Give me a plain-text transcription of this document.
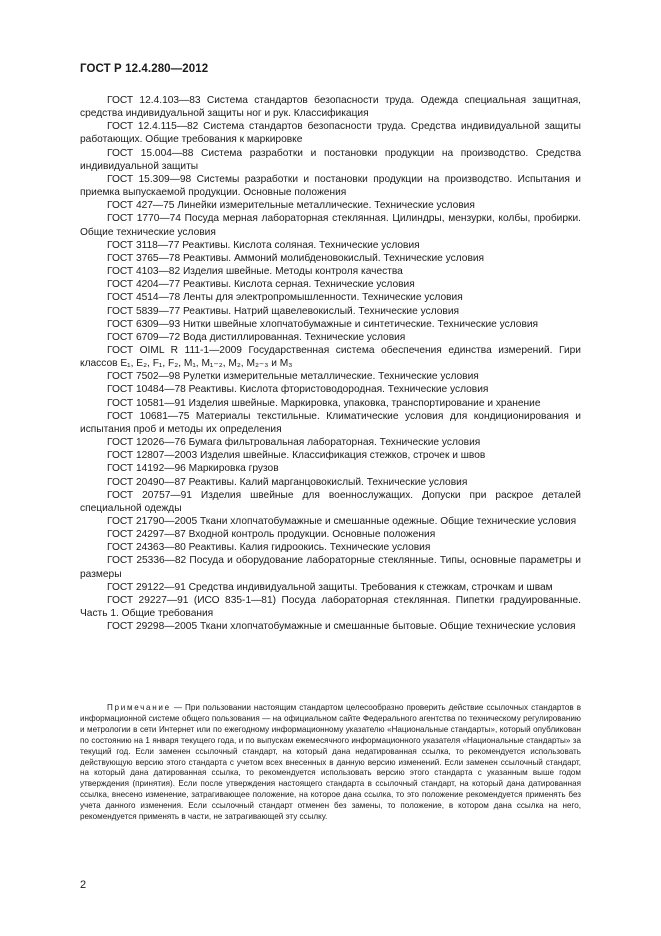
ГОСТ Р 12.4.280—2012

ГОСТ 12.4.103—83 Система стандартов безопасности труда. Одежда специальная защитная, средства индивидуальной защиты ног и рук. Классификация

ГОСТ 12.4.115—82 Система стандартов безопасности труда. Средства индивидуальной защиты работающих. Общие требования к маркировке

ГОСТ 15.004—88 Система разработки и постановки продукции на производство. Средства индивидуальной защиты

ГОСТ 15.309—98 Системы разработки и постановки продукции на производство. Испытания и приемка выпускаемой продукции. Основные положения

ГОСТ 427—75 Линейки измерительные металлические. Технические условия

ГОСТ 1770—74 Посуда мерная лабораторная стеклянная. Цилиндры, мензурки, колбы, пробирки. Общие технические условия

ГОСТ 3118—77 Реактивы. Кислота соляная. Технические условия

ГОСТ 3765—78 Реактивы. Аммоний молибденовокислый. Технические условия

ГОСТ 4103—82 Изделия швейные. Методы контроля качества

ГОСТ 4204—77 Реактивы. Кислота серная. Технические условия

ГОСТ 4514—78 Ленты для электропромышленности. Технические условия

ГОСТ 5839—77 Реактивы. Натрий щавелевокислый. Технические условия

ГОСТ 6309—93 Нитки швейные хлопчатобумажные и синтетические. Технические условия

ГОСТ 6709—72 Вода дистиллированная. Технические условия

ГОСТ OIML R 111-1—2009 Государственная система обеспечения единства измерений. Гири классов E₁, E₂, F₁, F₂, M₁, M₁₋₂, M₂, M₂₋₃ и M₃

ГОСТ 7502—98 Рулетки измерительные металлические. Технические условия

ГОСТ 10484—78 Реактивы. Кислота фтористоводородная. Технические условия

ГОСТ 10581—91 Изделия швейные. Маркировка, упаковка, транспортирование и хранение

ГОСТ 10681—75 Материалы текстильные. Климатические условия для кондиционирования и испытания проб и методы их определения

ГОСТ 12026—76 Бумага фильтровальная лабораторная. Технические условия

ГОСТ 12807—2003 Изделия швейные. Классификация стежков, строчек и швов

ГОСТ 14192—96 Маркировка грузов

ГОСТ 20490—87 Реактивы. Калий марганцовокислый. Технические условия

ГОСТ 20757—91 Изделия швейные для военнослужащих. Допуски при раскрое деталей специальной одежды

ГОСТ 21790—2005 Ткани хлопчатобумажные и смешанные одежные. Общие технические условия

ГОСТ 24297—87 Входной контроль продукции. Основные положения

ГОСТ 24363—80 Реактивы. Калия гидроокись. Технические условия

ГОСТ 25336—82 Посуда и оборудование лабораторные стеклянные. Типы, основные параметры и размеры

ГОСТ 29122—91 Средства индивидуальной защиты. Требования к стежкам, строчкам и швам

ГОСТ 29227—91 (ИСО 835-1—81) Посуда лабораторная стеклянная. Пипетки градуированные. Часть 1. Общие требования

ГОСТ 29298—2005 Ткани хлопчатобумажные и смешанные бытовые. Общие технические условия

Примечание — При пользовании настоящим стандартом целесообразно проверить действие ссылочных стандартов в информационной системе общего пользования — на официальном сайте Федерального агентства по техническому регулированию и метрологии в сети Интернет или по ежегодному информационному указателю «Национальные стандарты», который опубликован по состоянию на 1 января текущего года, и по выпускам ежемесячного информационного указателя «Национальные стандарты» за текущий год. Если заменен ссылочный стандарт, на который дана недатированная ссылка, то рекомендуется использовать действующую версию этого стандарта с учетом всех внесенных в данную версию изменений. Если заменен ссылочный стандарт, на который дана датированная ссылка, то рекомендуется использовать версию этого стандарта с указанным выше годом утверждения (принятия). Если после утверждения настоящего стандарта в ссылочный стандарт, на который дана датированная ссылка, внесено изменение, затрагивающее положение, на которое дана ссылка, то это положение рекомендуется применять без учета данного изменения. Если ссылочный стандарт отменен без замены, то положение, в котором дана ссылка на него, рекомендуется применять в части, не затрагивающей эту ссылку.

2
